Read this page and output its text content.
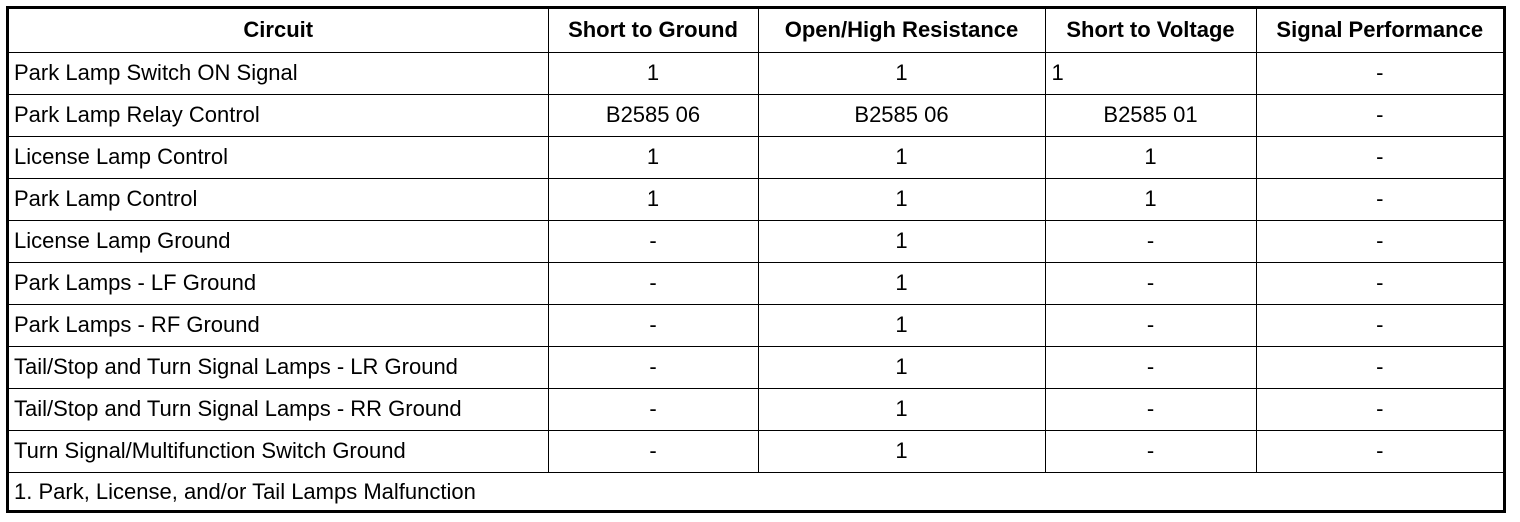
Circuit	Short to Ground	Open/High Resistance	Short to Voltage	Signal Performance
Park Lamp Switch ON Signal	1	1	1	-
Park Lamp Relay Control	B2585 06	B2585 06	B2585 01	-
License Lamp Control	1	1	1	-
Park Lamp Control	1	1	1	-
License Lamp Ground	-	1	-	-
Park Lamps - LF Ground	-	1	-	-
Park Lamps - RF Ground	-	1	-	-
Tail/Stop and Turn Signal Lamps - LR Ground	-	1	-	-
Tail/Stop and Turn Signal Lamps - RR Ground	-	1	-	-
Turn Signal/Multifunction Switch Ground	-	1	-	-
1. Park, License, and/or Tail Lamps Malfunction				
